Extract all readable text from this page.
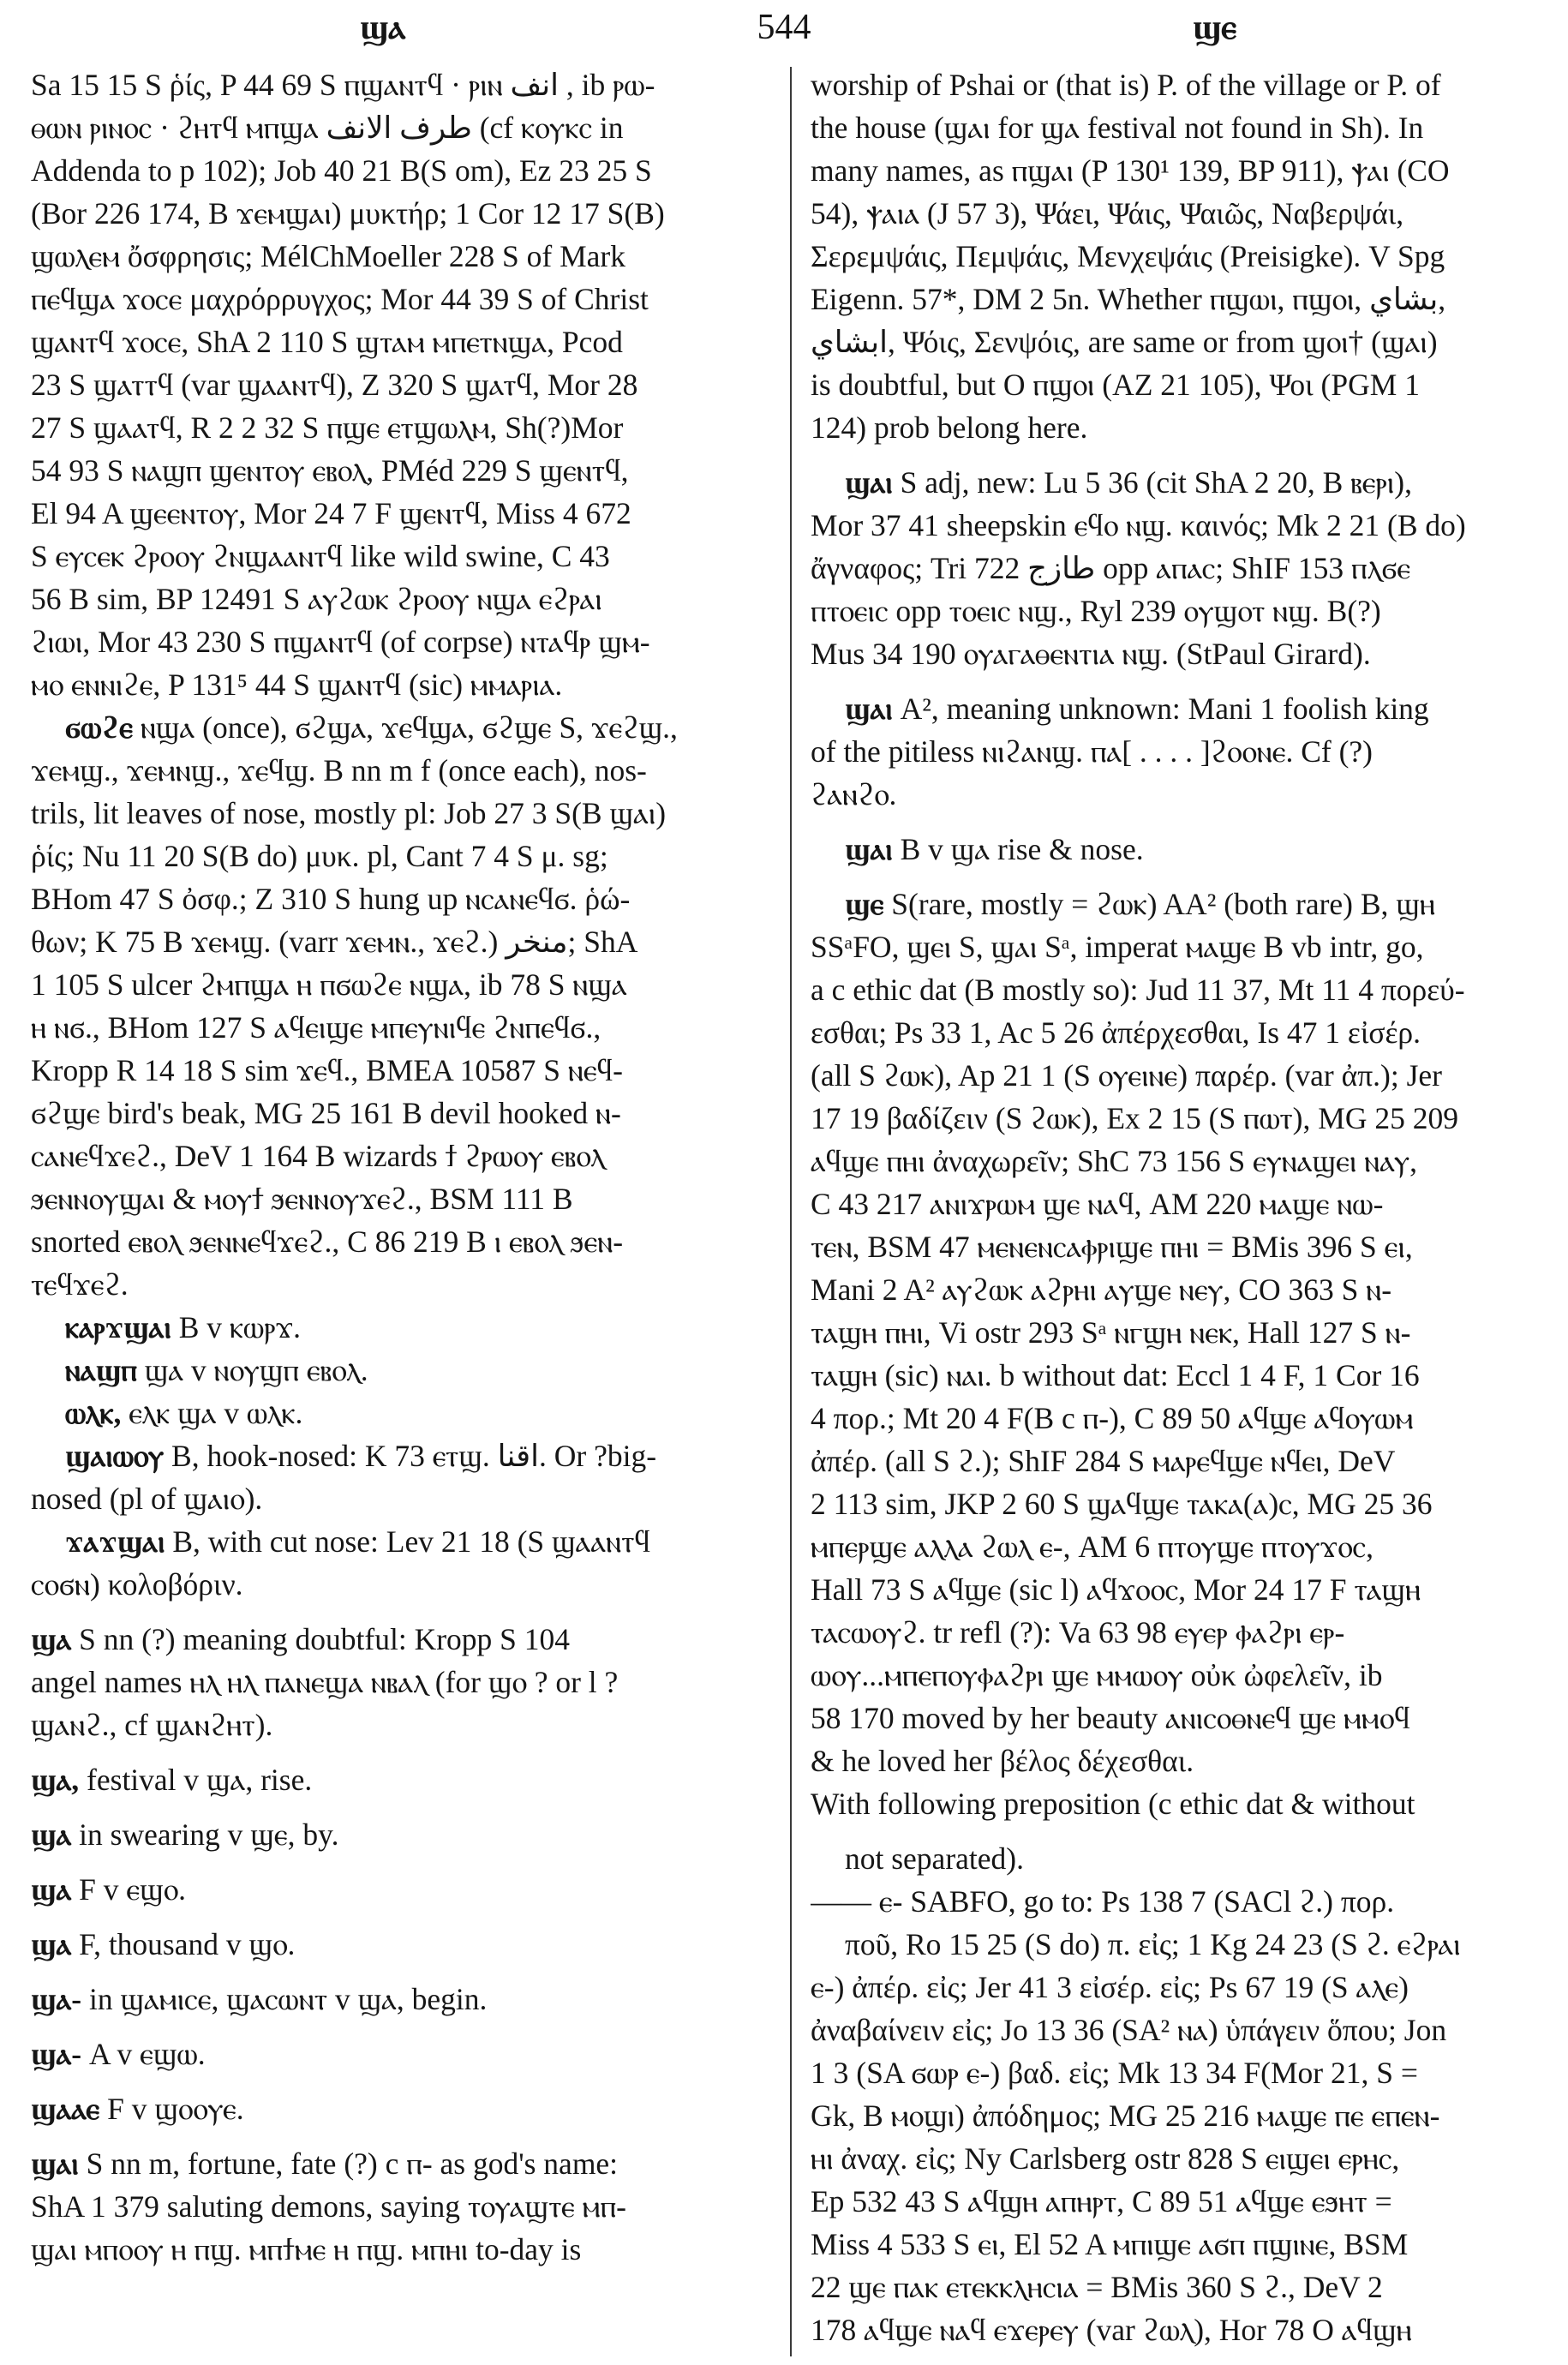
ϣⲁ	544	ϣⲉ
Sa 15 15 S ῥίς, P 44 69 S ⲡϣⲁⲛⲧϥ · ⲣⲓⲛ انف , ib ⲣⲱ-
ⲑⲱⲛ ⲣⲓⲛⲟⲥ · ϩⲏⲧϥ ⲙⲡϣⲁ طرف الانف (cf ⲕⲟⲩⲕⲥ in
Addenda to p 102); Job 40 21 B(S om), Ez 23 25 S
(Bor 226 174, B ϫⲉⲙϣⲁⲓ) μυκτήρ; 1 Cor 12 17 S(B)
ϣⲱⲗⲉⲙ ὄσφρησις; MélChMoeller 228 S of Mark
ⲡⲉϥϣⲁ ϫⲟⲥⲉ μαχρόρρυγχος; Mor 44 39 S of Christ
ϣⲁⲛⲧϥ ϫⲟⲥⲉ, ShA 2 110 S ϣⲧⲁⲙ ⲙⲡⲉⲧⲛϣⲁ, Pcod
23 S ϣⲁⲧⲧϥ (var ϣⲁⲁⲛⲧϥ), Z 320 S ϣⲁⲧϥ, Mor 28
27 S ϣⲁⲁⲧϥ, R 2 2 32 S ⲡϣⲉ ⲉⲧϣⲱⲗⲙ, Sh(?)Mor
54 93 S ⲛⲁϣⲡ ϣⲉⲛⲧⲟⲩ ⲉⲃⲟⲗ, PMéd 229 S ϣⲉⲛⲧϥ,
El 94 A ϣⲉⲉⲛⲧⲟⲩ, Mor 24 7 F ϣⲉⲛⲧϥ, Miss 4 672
S ⲉⲩⲥⲉⲕ ϩⲣⲟⲟⲩ ϩⲛϣⲁⲁⲛⲧϥ like wild swine, C 43
56 B sim, BP 12491 S ⲁⲩϩⲱⲕ ϩⲣⲟⲟⲩ ⲛϣⲁ ⲉϩⲣⲁⲓ
ϩⲓⲱⲓ, Mor 43 230 S ⲡϣⲁⲛⲧϥ (of corpse) ⲛⲧⲁϥⲣ ϣⲙ-
ⲙⲟ ⲉⲛⲛⲓϩⲉ, P 131⁵ 44 S ϣⲁⲛⲧϥ (sic) ⲙⲙⲁⲣⲓⲁ.
ϭⲱϩⲉ ⲛϣⲁ (once), ϭϩϣⲁ, ϫⲉϥϣⲁ, ϭϩϣⲉ S, ϫⲉϩϣ.,
ϫⲉⲙϣ., ϫⲉⲙⲛϣ., ϫⲉϥϣ. B nn m f (once each), nos-
trils, lit leaves of nose, mostly pl: Job 27 3 S(B ϣⲁⲓ)
ῥίς; Nu 11 20 S(B do) μυκ. pl, Cant 7 4 S μ. sg;
BHom 47 S ὀσφ.; Z 310 S hung up ⲛⲥⲁⲛⲉϥϭ. ῥώ-
θων; K 75 B ϫⲉⲙϣ. (varr ϫⲉⲙⲛ., ϫⲉϩ.) منخر; ShA
1 105 S ulcer ϩⲙⲡϣⲁ ⲏ ⲡϭⲱϩⲉ ⲛϣⲁ, ib 78 S ⲛϣⲁ
ⲏ ⲛϭ., BHom 127 S ⲁϥⲉⲓϣⲉ ⲙⲡⲉⲩⲛⲓϥⲉ ϩⲛⲡⲉϥϭ.,
Kropp R 14 18 S sim ϫⲉϥ., BMEA 10587 S ⲛⲉϥ-
ϭϩϣⲉ bird's beak, MG 25 161 B devil hooked ⲛ-
ⲥⲁⲛⲉϥϫⲉϩ., DeV 1 164 B wizards ϯ ϩⲣⲱⲟⲩ ⲉⲃⲟⲗ
ϧⲉⲛⲛⲟⲩϣⲁⲓ & ⲙⲟⲩϯ ϧⲉⲛⲛⲟⲩϫⲉϩ., BSM 111 B
snorted ⲉⲃⲟⲗ ϧⲉⲛⲛⲉϥϫⲉϩ., C 86 219 B ⲓ ⲉⲃⲟⲗ ϧⲉⲛ-
ⲧⲉϥϫⲉϩ.
ⲕⲁⲣϫϣⲁⲓ B v ⲕⲱⲣϫ.
ⲛⲁϣⲡ ϣⲁ v ⲛⲟⲩϣⲡ ⲉⲃⲟⲗ.
ⲱⲗⲕ, ⲉⲗⲕ ϣⲁ v ⲱⲗⲕ.
ϣⲁⲓⲱⲟⲩ B, hook-nosed: K 73 ⲉⲧϣ. اقنا. Or ?big-
nosed (pl of ϣⲁⲓⲟ).
ϫⲁϫϣⲁⲓ B, with cut nose: Lev 21 18 (S ϣⲁⲁⲛⲧϥ
ⲥⲟϭⲛ) κολοβόριν.
ϣⲁ S nn (?) meaning doubtful: Kropp S 104
angel names ⲏⲗ ⲏⲗ ⲡⲁⲛⲉϣⲁ ⲛⲃⲁⲗ (for ϣⲟ ? or l ?
ϣⲁⲛϩ., cf ϣⲁⲛϩⲏⲧ).
ϣⲁ, festival v ϣⲁ, rise.
ϣⲁ in swearing v ϣⲉ, by.
ϣⲁ F v ⲉϣⲟ.
ϣⲁ F, thousand v ϣⲟ.
ϣⲁ- in ϣⲁⲙⲓⲥⲉ, ϣⲁⲥⲱⲛⲧ v ϣⲁ, begin.
ϣⲁ- A v ⲉϣⲱ.
ϣⲁⲁⲉ F v ϣⲟⲟⲩⲉ.
ϣⲁⲓ S nn m, fortune, fate (?) c ⲡ- as god's name:
ShA 1 379 saluting demons, saying ⲧⲟⲩⲁϣⲧⲉ ⲙⲡ-
ϣⲁⲓ ⲙⲡⲟⲟⲩ ⲏ ⲡϣ. ⲙⲡϯⲙⲉ ⲏ ⲡϣ. ⲙⲡⲏⲓ to-day is
worship of Pshai or (that is) P. of the village or P. of
the house (ϣⲁⲓ for ϣⲁ festival not found in Sh). In
many names, as ⲡϣⲁⲓ (P 130¹ 139, BP 911), ⲯⲁⲓ (CO
54), ⲯⲁⲓⲁ (J 57 3), Ψάει, Ψάις, Ψαιῶς, Ναβερψάι,
Σερεμψάις, Πεμψάις, Μενχεψάις (Preisigke). V Spg
Eigenn. 57*, DM 2 5n. Whether ⲡϣⲱⲓ, ⲡϣⲟⲓ, بشاي,
ابشاي, Ψόις, Σενψόις, are same or from ϣⲟⲓ† (ϣⲁⲓ)
is doubtful, but O ⲡϣⲟⲓ (AZ 21 105), Ψοι (PGM 1
124) prob belong here.
ϣⲁⲓ S adj, new: Lu 5 36 (cit ShA 2 20, B ⲃⲉⲣⲓ),
Mor 37 41 sheepskin ⲉϥⲟ ⲛϣ. καινός; Mk 2 21 (B do)
ἄγναφος; Tri 722 طازج opp ⲁⲡⲁⲥ; ShIF 153 ⲡⲗϭⲉ
ⲡⲧⲟⲉⲓⲥ opp ⲧⲟⲉⲓⲥ ⲛϣ., Ryl 239 ⲟⲩϣⲟⲧ ⲛϣ. B(?)
Mus 34 190 ⲟⲩⲁⲅⲁⲑⲉⲛⲧⲓⲁ ⲛϣ. (StPaul Girard).
ϣⲁⲓ A², meaning unknown: Mani 1 foolish king
of the pitiless ⲛⲓϩⲁⲛϣ. ⲡⲁ[ . . . . ]ϩⲟⲟⲛⲉ. Cf (?)
ϩⲁⲛϩⲟ.
ϣⲁⲓ B v ϣⲁ rise & nose.
ϣⲉ S(rare, mostly = ϩⲱⲕ) AA² (both rare) B, ϣⲏ
SSᵃFO, ϣⲉⲓ S, ϣⲁⲓ Sᵃ, imperat ⲙⲁϣⲉ B vb intr, go,
a c ethic dat (B mostly so): Jud 11 37, Mt 11 4 πορεύ-
εσθαι; Ps 33 1, Ac 5 26 ἀπέρχεσθαι, Is 47 1 εἰσέρ.
(all S ϩⲱⲕ), Ap 21 1 (S ⲟⲩⲉⲓⲛⲉ) παρέρ. (var ἀπ.); Jer
17 19 βαδίζειν (S ϩⲱⲕ), Ex 2 15 (S ⲡⲱⲧ), MG 25 209
ⲁϥϣⲉ ⲡⲏⲓ ἀναχωρεῖν; ShC 73 156 S ⲉⲩⲛⲁϣⲉⲓ ⲛⲁⲩ,
C 43 217 ⲁⲛⲓϫⲣⲱⲙ ϣⲉ ⲛⲁϥ, AM 220 ⲙⲁϣⲉ ⲛⲱ-
ⲧⲉⲛ, BSM 47 ⲙⲉⲛⲉⲛⲥⲁⲫⲣⲓϣⲉ ⲡⲏⲓ = BMis 396 S ⲉⲓ,
Mani 2 A² ⲁⲩϩⲱⲕ ⲁϩⲣⲏⲓ ⲁⲩϣⲉ ⲛⲉⲩ, CO 363 S ⲛ-
ⲧⲁϣⲏ ⲡⲏⲓ, Vi ostr 293 Sᵃ ⲛⲅϣⲏ ⲛⲉⲕ, Hall 127 S ⲛ-
ⲧⲁϣⲏ (sic) ⲛⲁⲓ. b without dat: Eccl 1 4 F, 1 Cor 16
4 πορ.; Mt 20 4 F(B c ⲡ-), C 89 50 ⲁϥϣⲉ ⲁϥⲟⲩⲱⲙ
ἀπέρ. (all S ϩ.); ShIF 284 S ⲙⲁⲣⲉϥϣⲉ ⲛϥⲉⲓ, DeV
2 113 sim, JKP 2 60 S ϣⲁϥϣⲉ ⲧⲁⲕⲁ(ⲁ)ⲥ, MG 25 36
ⲙⲡⲉⲣϣⲉ ⲁⲗⲗⲁ ϩⲱⲗ ⲉ-, AM 6 ⲡⲧⲟⲩϣⲉ ⲡⲧⲟⲩϫⲟⲥ,
Hall 73 S ⲁϥϣⲉ (sic l) ⲁϥϫⲟⲟⲥ, Mor 24 17 F ⲧⲁϣⲏ
ⲧⲁⲥⲱⲟⲩϩ. tr refl (?): Va 63 98 ⲉⲩⲉⲣ ⲫⲁϩⲣⲓ ⲉⲣ-
ⲱⲟⲩ...ⲙⲡⲉⲡⲟⲩⲫⲁϩⲣⲓ ϣⲉ ⲙⲙⲱⲟⲩ οὐκ ὠφελεῖν, ib
58 170 moved by her beauty ⲁⲛⲓⲥⲟⲑⲛⲉϥ ϣⲉ ⲙⲙⲟϥ
& he loved her βέλος δέχεσθαι.
With following preposition (c ethic dat & without
not separated).
—— ⲉ- SABFO, go to: Ps 138 7 (SACl ϩ.) πορ.
ποῦ, Ro 15 25 (S do) π. εἰς; 1 Kg 24 23 (S ϩ. ⲉϩⲣⲁⲓ
ⲉ-) ἀπέρ. εἰς; Jer 41 3 εἰσέρ. εἰς; Ps 67 19 (S ⲁⲗⲉ)
ἀναβαίνειν εἰς; Jo 13 36 (SA² ⲛⲁ) ὑπάγειν ὅπου; Jon
1 3 (SA ϭⲱⲣ ⲉ-) βαδ. εἰς; Mk 13 34 F(Mor 21, S =
Gk, B ⲙⲟϣⲓ) ἀπόδημος; MG 25 216 ⲙⲁϣⲉ ⲡⲉ ⲉⲡⲉⲛ-
ⲏⲓ ἀναχ. εἰς; Ny Carlsberg ostr 828 S ⲉⲓϣⲉⲓ ⲉⲣⲏⲥ,
Ep 532 43 S ⲁϥϣⲏ ⲁⲡⲏⲣⲧ, C 89 51 ⲁϥϣⲉ ⲉϧⲏⲧ =
Miss 4 533 S ⲉⲓ, El 52 A ⲙⲡⲓϣⲉ ⲁϭⲡ ⲡϣⲓⲛⲉ, BSM
22 ϣⲉ ⲡⲁⲕ ⲉⲧⲉⲕⲕⲗⲏⲥⲓⲁ = BMis 360 S ϩ., DeV 2
178 ⲁϥϣⲉ ⲛⲁϥ ⲉϫⲉⲣⲉⲩ (var ϩⲱⲗ), Hor 78 O ⲁϥϣⲏ
